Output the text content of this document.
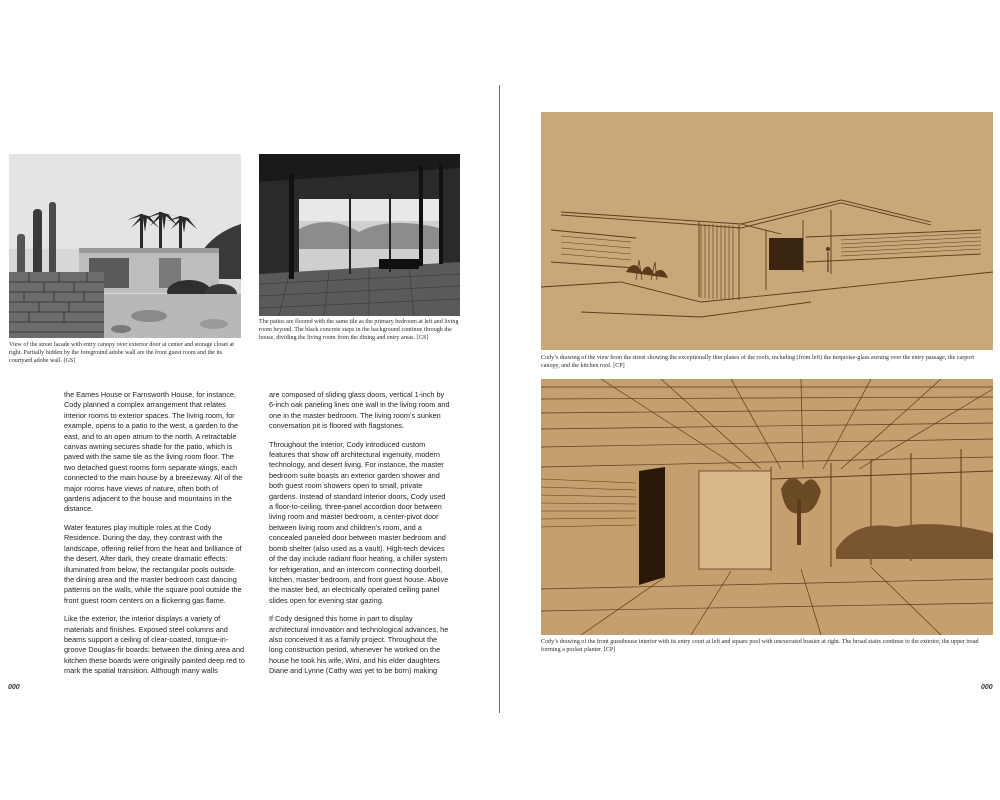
View of the street facade with entry canopy over exterior door at center and storage closet at right. Partially hidden by the foreground adobe wall are the front guest room and the its courtyard adobe wall. [GS]

The patios are floored with the same tile as the primary bedroom at left and living room beyond. The black concrete steps in the background continue through the house, dividing the living room from the dining and entry areas. [GS]

the Eames House or Farnsworth House, for instance, Cody planned a complex arrangement that relates interior rooms to exterior spaces. The living room, for example, opens to a patio to the west, a garden to the east, and to an open atrium to the north. A retractable canvas awning secures shade for the patio, which is paved with the same tile as the living room floor. The two detached guest rooms form separate wings, each connected to the main house by a breezeway. All of the major rooms have views of nature, often both of gardens adjacent to the house and mountains in the distance.

Water features play multiple roles at the Cody Residence. During the day, they contrast with the landscape, offering relief from the heat and brilliance of the desert. After dark, they create dramatic effects: illuminated from below, the rectangular pools outside the dining area and the master bedroom cast dancing patterns on the walls, while the square pool outside the front guest room centers on a flickering gas flame.

Like the exterior, the interior displays a variety of materials and finishes. Exposed steel columns and beams support a ceiling of clear-coated, tongue-in-groove Douglas-fir boards; between the dining area and kitchen these boards were originally painted deep red to mark the spatial transition. Although many walls

are composed of sliding glass doors, vertical 1-inch by 6-inch oak paneling lines one wall in the living room and one in the master bedroom. The living room’s sunken conversation pit is floored with flagstones.

Throughout the interior, Cody introduced custom features that show off architectural ingenuity, modern technology, and desert living. For instance, the master bedroom suite boasts an exterior garden shower and both guest room showers open to small, private gardens. Instead of standard interior doors, Cody used a floor-to-ceiling, three-panel accordion door between living room and master bedroom, a center-pivot door between living room and children’s room, and a concealed paneled door between master bedroom and bomb shelter (also used as a vault). High-tech devices of the day include radiant floor heating, a chiller system for refrigeration, and an intercom connecting doorbell, kitchen, master bedroom, and front guest house. Above the master bed, an electrically operated ceiling panel slides open for evening star gazing.

If Cody designed this home in part to display architectural innovation and technological advances, he also conceived it as a family project. Throughout the long construction period, whenever he worked on the house he took his wife, Wini, and his elder daughters Diane and Lynne (Cathy was yet to be born) making

000

Cody’s drawing of the view from the street showing the exceptionally thin planes of the roofs, including (from left) the turquoise-glass awning over the entry passage, the carport canopy, and the kitchen roof. [CP]

Cody’s drawing of the front guesthouse interior with its entry court at left and square pool with unexecuted brasier at right. The broad stairs continue to the exterior, the upper tread forming a pocket planter. [CP]

000
